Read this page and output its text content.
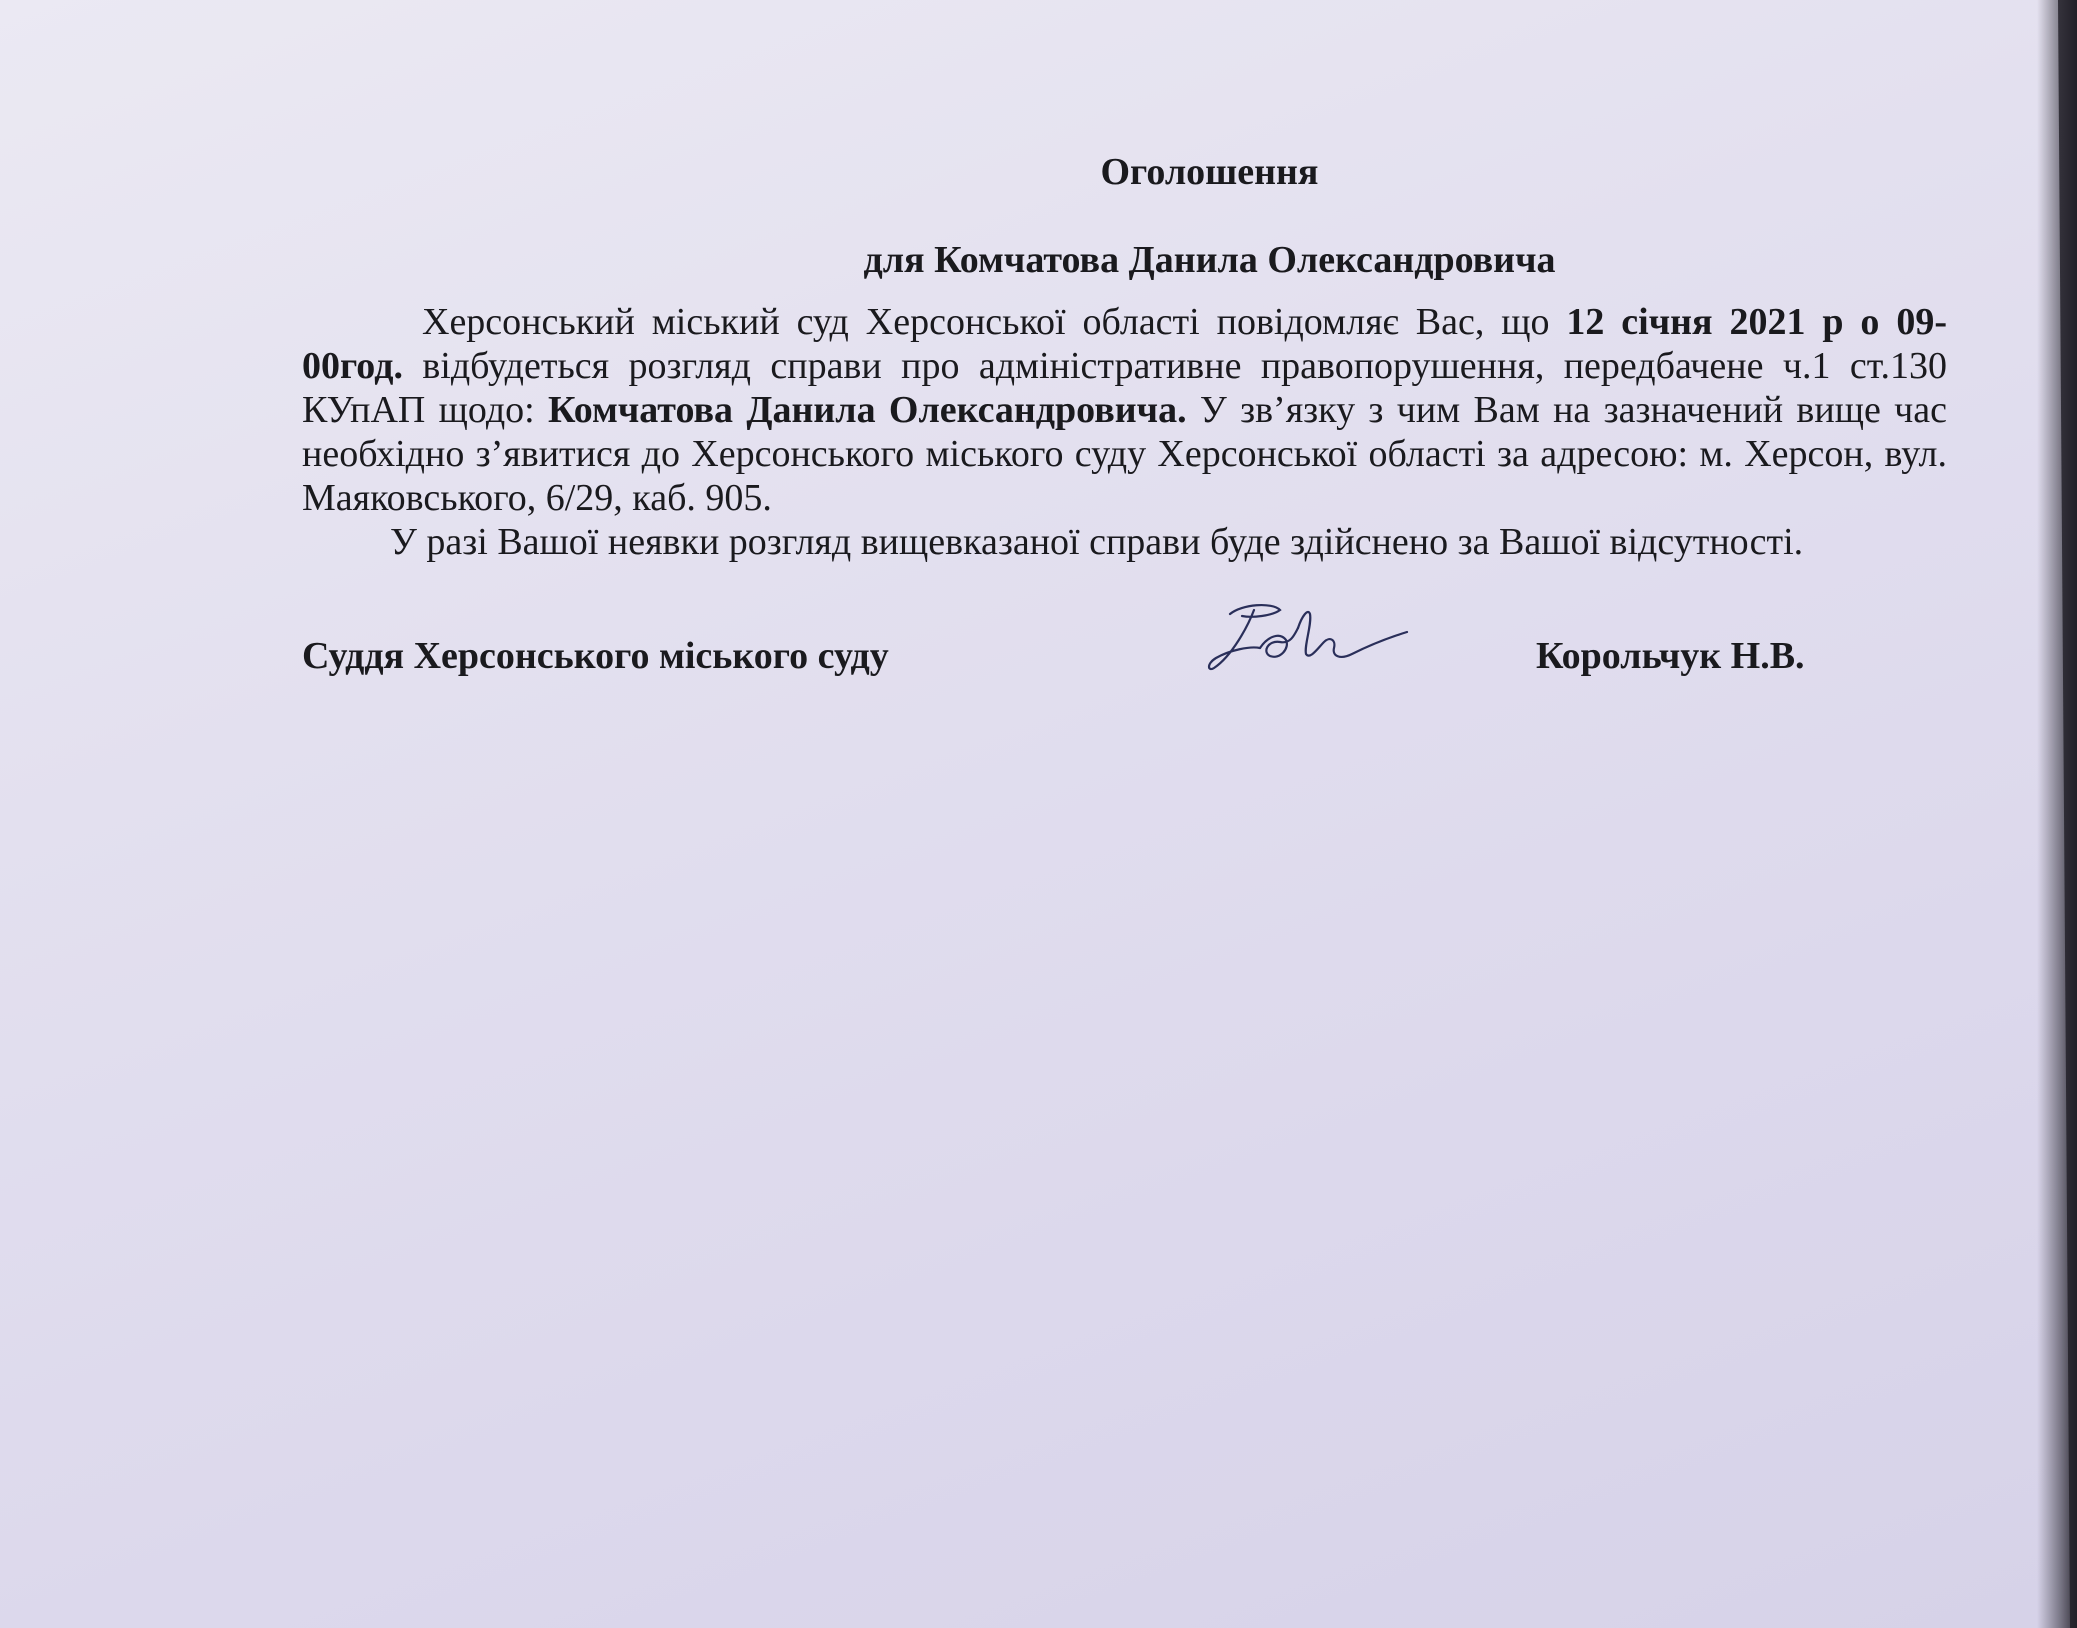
Оголошення

для Комчатова Данила Олександровича

Херсонський міський суд Херсонської області повідомляє Вас, що 12 січня 2021 р о 09-00год. відбудеться розгляд справи про адміністративне правопорушення, передбачене ч.1 ст.130 КУпАП щодо: Комчатова Данила Олександровича. У зв’язку з чим Вам на зазначений вище час необхідно з’явитися до Херсонського міського суду Херсонської області за адресою: м. Херсон, вул. Маяковського, 6/29, каб. 905.

У разі Вашої неявки розгляд вищевказаної справи буде здійснено за Вашої відсутності.

Суддя Херсонського міського суду	Корольчук Н.В.
